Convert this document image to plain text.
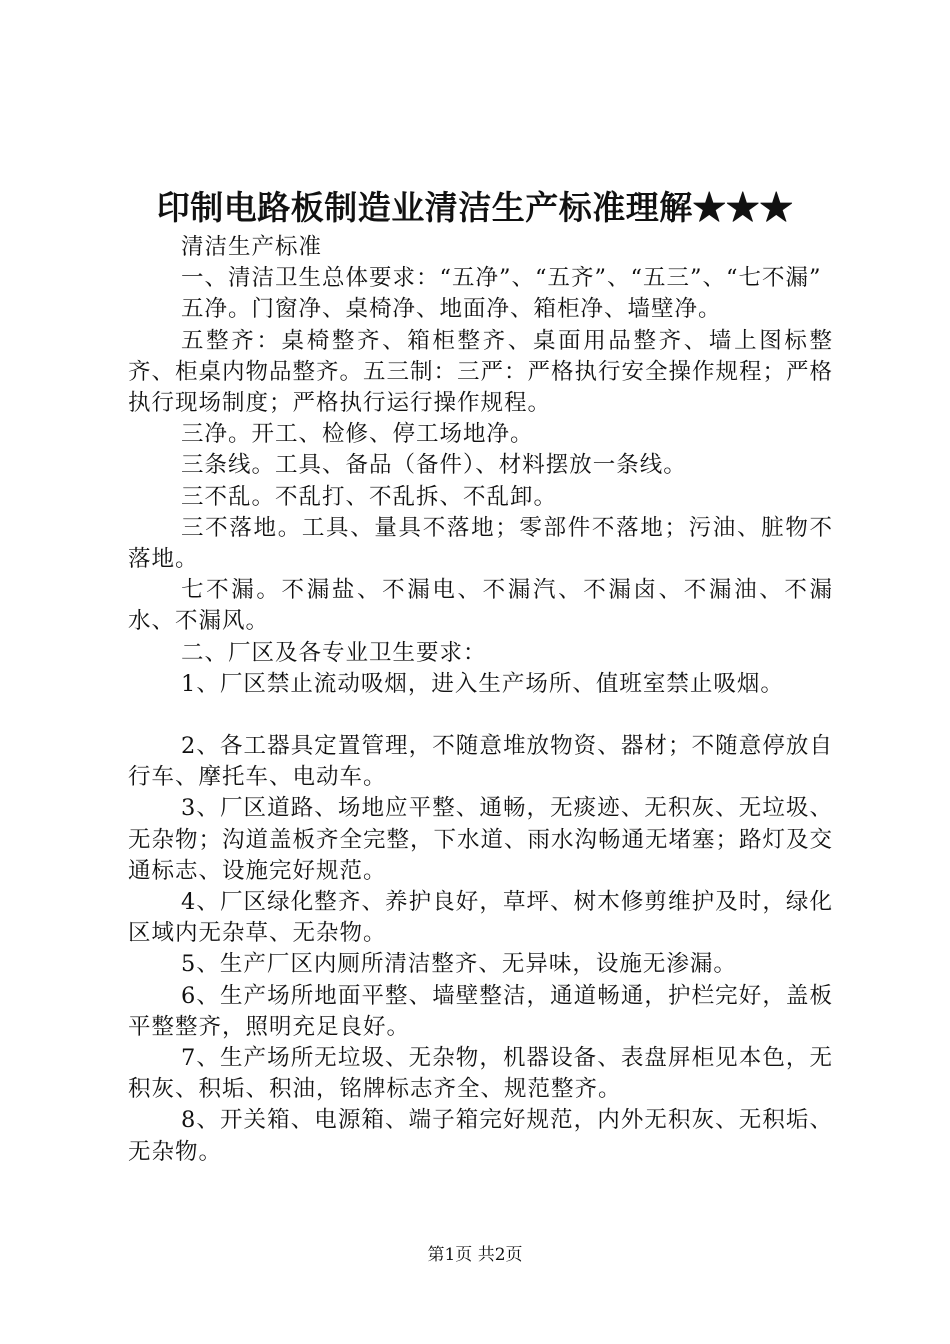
印制电路板制造业清洁生产标准理解★★★

清洁生产标准

一、清洁卫生总体要求：“五净”、“五齐”、“五三”、“七不漏”

五净。门窗净、桌椅净、地面净、箱柜净、墙壁净。

五整齐：桌椅整齐、箱柜整齐、桌面用品整齐、墙上图标整齐、柜桌内物品整齐。五三制：三严：严格执行安全操作规程；严格执行现场制度；严格执行运行操作规程。

三净。开工、检修、停工场地净。

三条线。工具、备品（备件）、材料摆放一条线。

三不乱。不乱打、不乱拆、不乱卸。

三不落地。工具、量具不落地；零部件不落地；污油、脏物不落地。

七不漏。不漏盐、不漏电、不漏汽、不漏卤、不漏油、不漏水、不漏风。

二、厂区及各专业卫生要求：

1、厂区禁止流动吸烟，进入生产场所、值班室禁止吸烟。

2、各工器具定置管理，不随意堆放物资、器材；不随意停放自行车、摩托车、电动车。

3、厂区道路、场地应平整、通畅，无痰迹、无积灰、无垃圾、无杂物；沟道盖板齐全完整，下水道、雨水沟畅通无堵塞；路灯及交通标志、设施完好规范。

4、厂区绿化整齐、养护良好，草坪、树木修剪维护及时，绿化区域内无杂草、无杂物。

5、生产厂区内厕所清洁整齐、无异味，设施无渗漏。

6、生产场所地面平整、墙壁整洁，通道畅通，护栏完好，盖板平整整齐，照明充足良好。

7、生产场所无垃圾、无杂物，机器设备、表盘屏柜见本色，无积灰、积垢、积油，铭牌标志齐全、规范整齐。

8、开关箱、电源箱、端子箱完好规范，内外无积灰、无积垢、无杂物。

第1页 共2页
